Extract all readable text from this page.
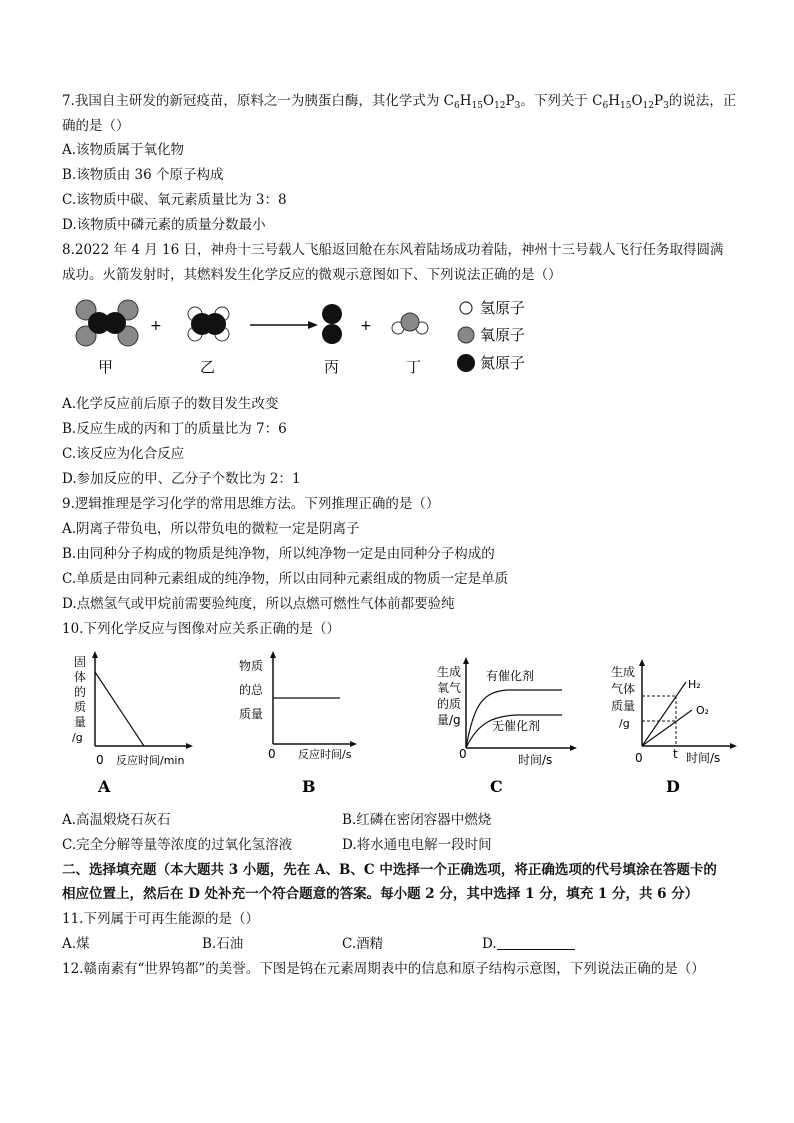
7.我国自主研发的新冠疫苗，原料之一为胰蛋白酶，其化学式为 $C_6H_{15}O_{12}P_3$。下列关于 $C_6H_{15}O_{12}P_3$的说法，正
确的是（）
A.该物质属于氧化物
B.该物质由 36 个原子构成
C.该物质中碳、氧元素质量比为 3：8
D.该物质中磷元素的质量分数最小
8.2022 年 4 月 16 日，神舟十三号载人飞船返回舱在东风着陆场成功着陆，神州十三号载人飞行任务取得圆满
成功。火箭发射时，其燃料发生化学反应的微观示意图如下、下列说法正确的是（）
甲
+
乙	丙
+
丁
氢原子
氧原子
氮原子
A.化学反应前后原子的数目发生改变
B.反应生成的丙和丁的质量比为 7：6
C.该反应为化合反应
D.参加反应的甲、乙分子个数比为 2：1
9.逻辑推理是学习化学的常用思维方法。下列推理正确的是（）
A.阴离子带负电，所以带负电的微粒一定是阴离子
B.由同种分子构成的物质是纯净物，所以纯净物一定是由同种分子构成的
C.单质是由同种元素组成的纯净物，所以由同种元素组成的物质一定是单质
D.点燃氢气或甲烷前需要验纯度，所以点燃可燃性气体前都要验纯
10.下列化学反应与图像对应关系正确的是（）
固
体
的
质
量
/g
0 反应时间/min
A
物质
的总
质量
0 反应时间/s
B
生成
氧气
的质
量/g
有催化剂
无催化剂
0	时间/s
C
生成
气体
质量
/g
H₂
O₂
t
0	时间/s
D
A.高温煅烧石灰石	B.红磷在密闭容器中燃烧
C.完全分解等量等浓度的过氧化氢溶液	D.将水通电电解一段时间
二、选择填充题（本大题共 3 小题，先在 A、B、C 中选择一个正确选项，将正确选项的代号填涂在答题卡的
相应位置上，然后在 D 处补充一个符合题意的答案。每小题 2 分，其中选择 1 分，填充 1 分，共 6 分）
11.下列属于可再生能源的是（）
A.煤	B.石油	C.酒精	D.
12.赣南素有“世界钨都”的美誉。下图是钨在元素周期表中的信息和原子结构示意图，下列说法正确的是（）
